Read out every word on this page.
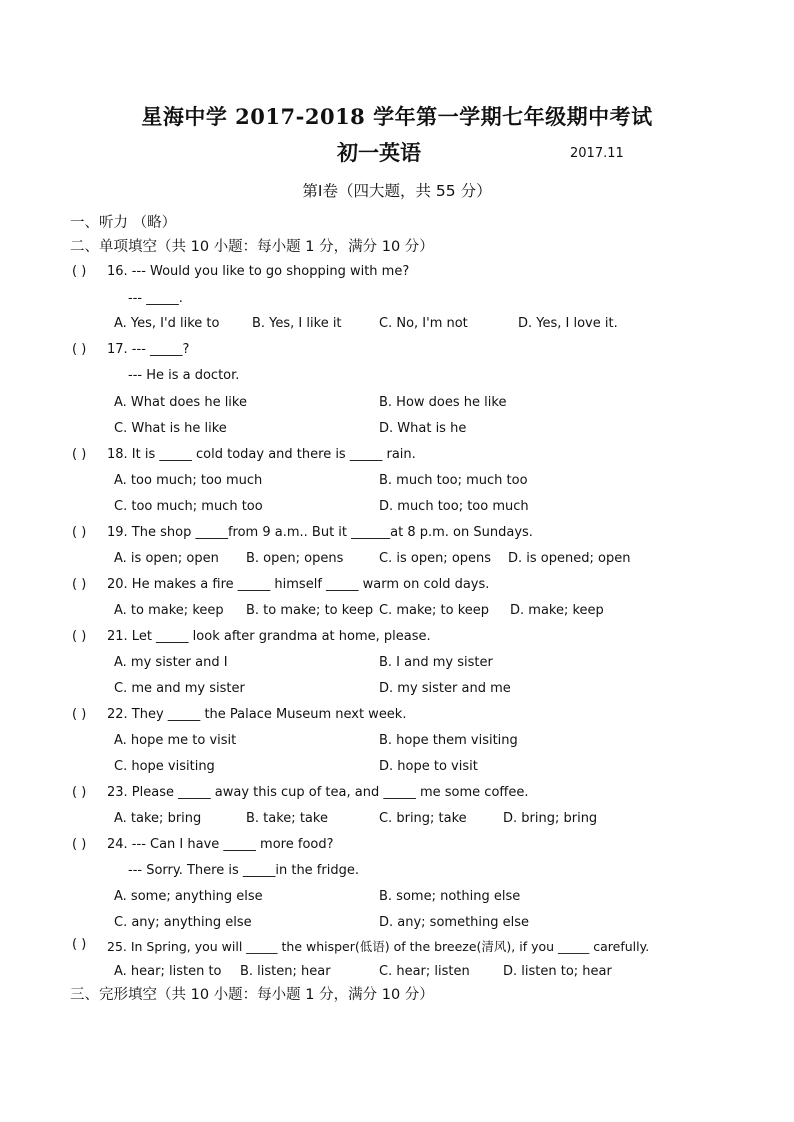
星海中学 2017-2018 学年第一学期七年级期中考试
初一英语	2017.11
第Ⅰ卷（四大题，共 55 分）
一、听力 （略）
二、单项填空（共 10 小题：每小题 1 分，满分 10 分）
( ) 16. --- Would you like to go shopping with me?
--- _____.
A. Yes, I'd like to	B. Yes, I like it	C. No, I'm not	D. Yes, I love it.
( ) 17. --- _____?
--- He is a doctor.
A. What does he like	B. How does he like
C. What is he like	D. What is he
( ) 18. It is _____ cold today and there is _____ rain.
A. too much; too much	B. much too; much too
C. too much; much too	D. much too; too much
( ) 19. The shop _____from 9 a.m.. But it ______at 8 p.m. on Sundays.
A. is open; open B. open; opens	C. is open; opens D. is opened; open
( ) 20. He makes a fire _____ himself _____ warm on cold days.
A. to make; keep B. to make; to keep C. make; to keep D. make; keep
( ) 21. Let _____ look after grandma at home, please.
A. my sister and I	B. I and my sister
C. me and my sister	D. my sister and me
( ) 22. They _____ the Palace Museum next week.
A. hope me to visit	B. hope them visiting
C. hope visiting	D. hope to visit
( ) 23. Please _____ away this cup of tea, and _____ me some coffee.
A. take; bring	B. take; take	C. bring; take	D. bring; bring
( ) 24. --- Can I have _____ more food?
--- Sorry. There is _____in the fridge.
A. some; anything else	B. some; nothing else
C. any; anything else	D. any; something else
( ) 25. In Spring, you will _____ the whisper(低语) of the breeze(清风), if you _____ carefully.
A. hear; listen to B. listen; hear	C. hear; listen	D. listen to; hear
三、完形填空（共 10 小题：每小题 1 分，满分 10 分）
